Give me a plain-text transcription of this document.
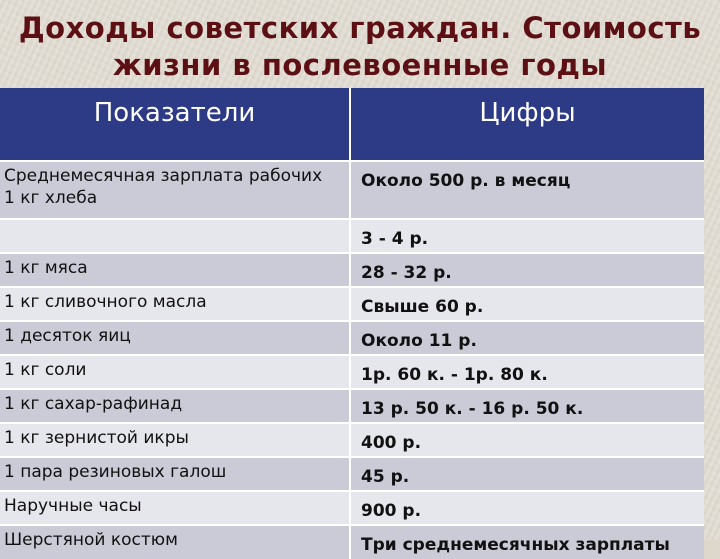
Доходы советских граждан. Стоимость
жизни в послевоенные годы
Показатели	Цифры

Среднемесячная зарплата рабочих
1 кг хлеба	Около 500 р. в месяц
	3 - 4 р.
1 кг мяса	28 - 32 р.
1 кг сливочного масла	Свыше 60 р.
1 десяток яиц	Около 11 р.
1 кг соли	1р. 60 к. - 1р. 80 к.
1 кг сахар-рафинад	13 р. 50 к. - 16 р. 50 к.
1 кг зернистой икры	400 р.
1 пара резиновых галош	45 р.
Наручные часы	900 р.
Шерстяной костюм	Три среднемесячных зарплаты
